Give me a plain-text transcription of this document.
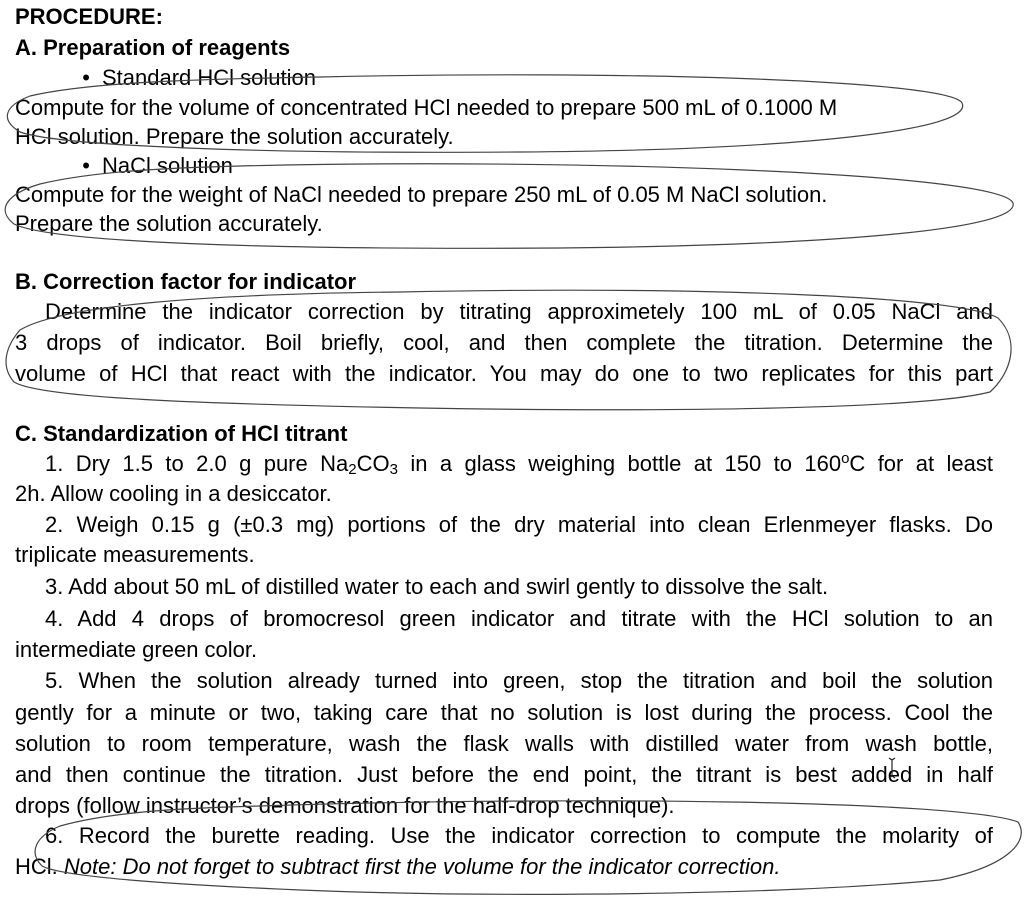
PROCEDURE:
A. Preparation of reagents
• Standard HCl solution
Compute for the volume of concentrated HCl needed to prepare 500 mL of 0.1000 M
HCl solution. Prepare the solution accurately.
• NaCl solution
Compute for the weight of NaCl needed to prepare 250 mL of 0.05 M NaCl solution.
Prepare the solution accurately.
B. Correction factor for indicator
Determine the indicator correction by titrating approximetely 100 mL of 0.05 NaCl and
3 drops of indicator. Boil briefly, cool, and then complete the titration. Determine the
volume of HCl that react with the indicator. You may do one to two replicates for this part
C. Standardization of HCl titrant
1. Dry 1.5 to 2.0 g pure $Na_2CO_3$ in a glass weighing bottle at 150 to 160$^o$C for at least
2h. Allow cooling in a desiccator.
2. Weigh 0.15 g (±0.3 mg) portions of the dry material into clean Erlenmeyer flasks. Do
triplicate measurements.
3. Add about 50 mL of distilled water to each and swirl gently to dissolve the salt.
4. Add 4 drops of bromocresol green indicator and titrate with the HCl solution to an
intermediate green color.
5. When the solution already turned into green, stop the titration and boil the solution
gently for a minute or two, taking care that no solution is lost during the process. Cool the
solution to room temperature, wash the flask walls with distilled water from wash bottle,
and then continue the titration. Just before the end point, the titrant is best added in half
drops (follow instructor’s demonstration for the half-drop technique).
6. Record the burette reading. Use the indicator correction to compute the molarity of
HCl. Note: Do not forget to subtract first the volume for the indicator correction.
